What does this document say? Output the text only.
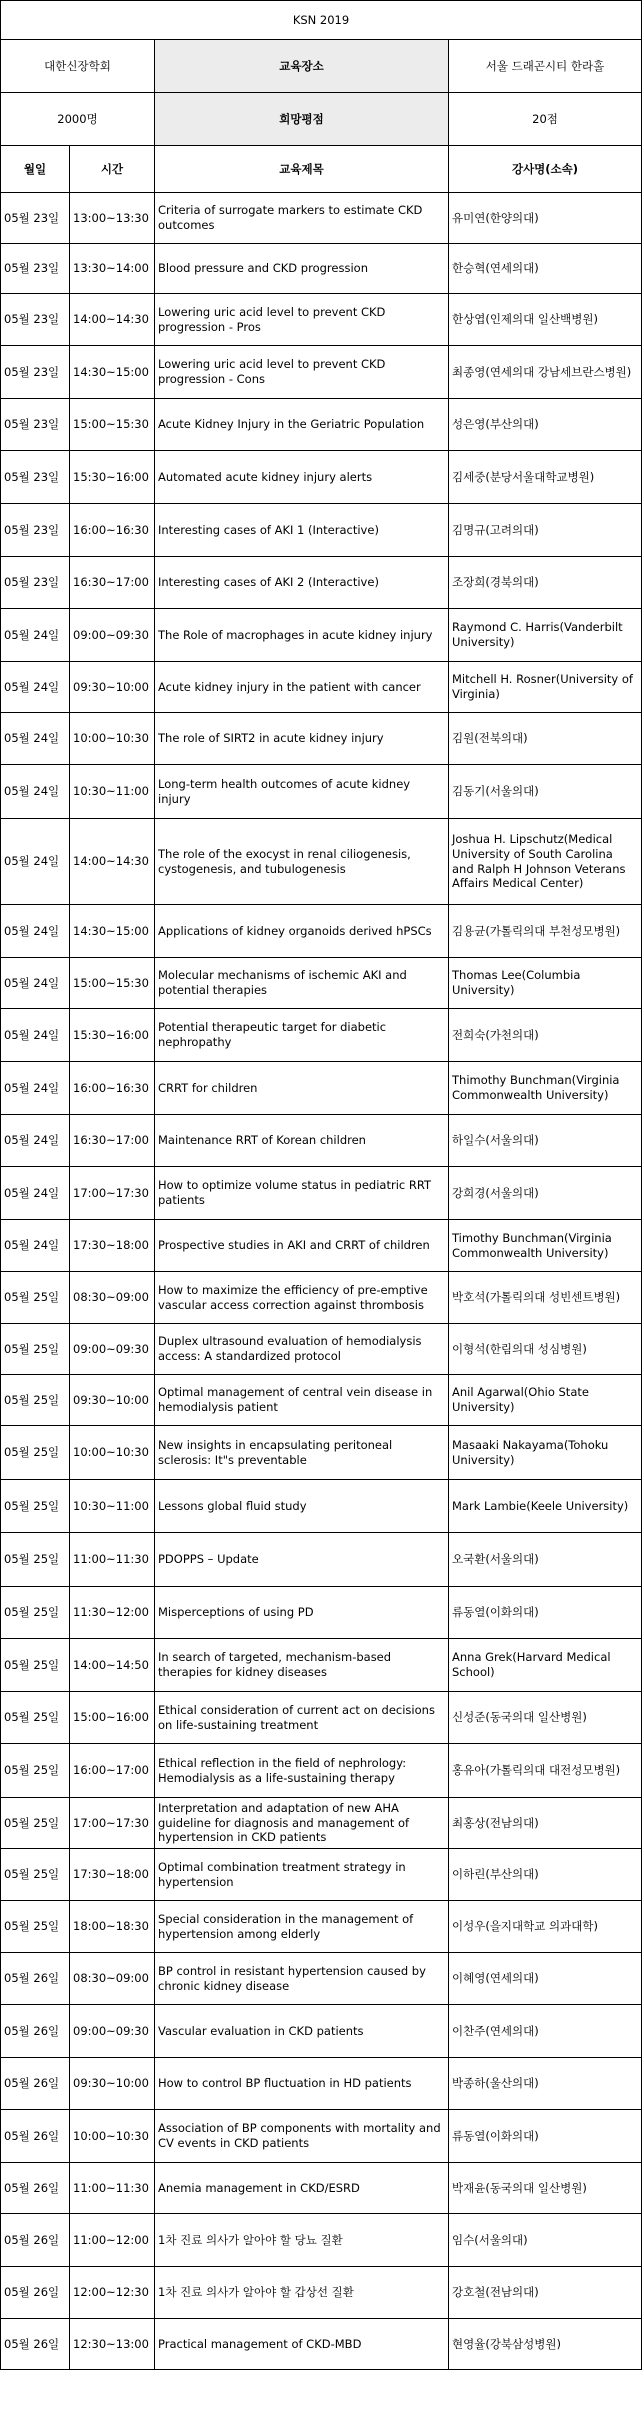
KSN 2019			
대한신장학회		교육장소	서울 드래곤시티 한라홀
2000명		희망평점	20점
월일	시간	교육제목	강사명(소속)
05월 23일	13:00~13:30	Criteria of surrogate markers to estimate CKD outcomes	유미연(한양의대)
05월 23일	13:30~14:00	Blood pressure and CKD progression	한승혁(연세의대)
05월 23일	14:00~14:30	Lowering uric acid level to prevent CKD progression - Pros	한상엽(인제의대 일산백병원)
05월 23일	14:30~15:00	Lowering uric acid level to prevent CKD progression - Cons	최종영(연세의대 강남세브란스병원)
05월 23일	15:00~15:30	Acute Kidney Injury in the Geriatric Population	성은영(부산의대)
05월 23일	15:30~16:00	Automated acute kidney injury alerts	김세중(분당서울대학교병원)
05월 23일	16:00~16:30	Interesting cases of AKI 1 (Interactive)	김명규(고려의대)
05월 23일	16:30~17:00	Interesting cases of AKI 2 (Interactive)	조장희(경북의대)
05월 24일	09:00~09:30	The Role of macrophages in acute kidney injury	Raymond C. Harris(Vanderbilt University)
05월 24일	09:30~10:00	Acute kidney injury in the patient with cancer	Mitchell H. Rosner(University of Virginia)
05월 24일	10:00~10:30	The role of SIRT2 in acute kidney injury	김원(전북의대)
05월 24일	10:30~11:00	Long-term health outcomes of acute kidney injury	김동기(서울의대)
05월 24일	14:00~14:30	The role of the exocyst in renal ciliogenesis, cystogenesis, and tubulogenesis	Joshua H. Lipschutz(Medical University of South Carolina and Ralph H Johnson Veterans Affairs Medical Center)
05월 24일	14:30~15:00	Applications of kidney organoids derived hPSCs	김용균(가톨릭의대 부천성모병원)
05월 24일	15:00~15:30	Molecular mechanisms of ischemic AKI and potential therapies	Thomas Lee(Columbia University)
05월 24일	15:30~16:00	Potential therapeutic target for diabetic nephropathy	전희숙(가천의대)
05월 24일	16:00~16:30	CRRT for children	Thimothy Bunchman(Virginia Commonwealth University)
05월 24일	16:30~17:00	Maintenance RRT of Korean children	하일수(서울의대)
05월 24일	17:00~17:30	How to optimize volume status in pediatric RRT patients	강희경(서울의대)
05월 24일	17:30~18:00	Prospective studies in AKI and CRRT of children	Timothy Bunchman(Virginia Commonwealth University)
05월 25일	08:30~09:00	How to maximize the efficiency of pre-emptive vascular access correction against thrombosis	박호석(가톨릭의대 성빈센트병원)
05월 25일	09:00~09:30	Duplex ultrasound evaluation of hemodialysis access: A standardized protocol	이형석(한림의대 성심병원)
05월 25일	09:30~10:00	Optimal management of central vein disease in hemodialysis patient	Anil Agarwal(Ohio State University)
05월 25일	10:00~10:30	New insights in encapsulating peritoneal sclerosis: It"s preventable	Masaaki Nakayama(Tohoku University)
05월 25일	10:30~11:00	Lessons global fluid study	Mark Lambie(Keele University)
05월 25일	11:00~11:30	PDOPPS – Update	오국환(서울의대)
05월 25일	11:30~12:00	Misperceptions of using PD	류동열(이화의대)
05월 25일	14:00~14:50	In search of targeted, mechanism-based therapies for kidney diseases	Anna Grek(Harvard Medical School)
05월 25일	15:00~16:00	Ethical consideration of current act on decisions on life-sustaining treatment	신성준(동국의대 일산병원)
05월 25일	16:00~17:00	Ethical reflection in the field of nephrology: Hemodialysis as a life-sustaining therapy	홍유아(가톨릭의대 대전성모병원)
05월 25일	17:00~17:30	Interpretation and adaptation of new AHA guideline for diagnosis and management of hypertension in CKD patients	최홍상(전남의대)
05월 25일	17:30~18:00	Optimal combination treatment strategy in hypertension	이하린(부산의대)
05월 25일	18:00~18:30	Special consideration in the management of hypertension among elderly	이성우(을지대학교 의과대학)
05월 26일	08:30~09:00	BP control in resistant hypertension caused by chronic kidney disease	이혜영(연세의대)
05월 26일	09:00~09:30	Vascular evaluation in CKD patients	이찬주(연세의대)
05월 26일	09:30~10:00	How to control BP fluctuation in HD patients	박종하(울산의대)
05월 26일	10:00~10:30	Association of BP components with mortality and CV events in CKD patients	류동열(이화의대)
05월 26일	11:00~11:30	Anemia management in CKD/ESRD	박재윤(동국의대 일산병원)
05월 26일	11:00~12:00	1차 진료 의사가 알아야 할 당뇨 질환	임수(서울의대)
05월 26일	12:00~12:30	1차 진료 의사가 알아야 할 갑상선 질환	강호철(전남의대)
05월 26일	12:30~13:00	Practical management of CKD-MBD	현영율(강북삼성병원)
